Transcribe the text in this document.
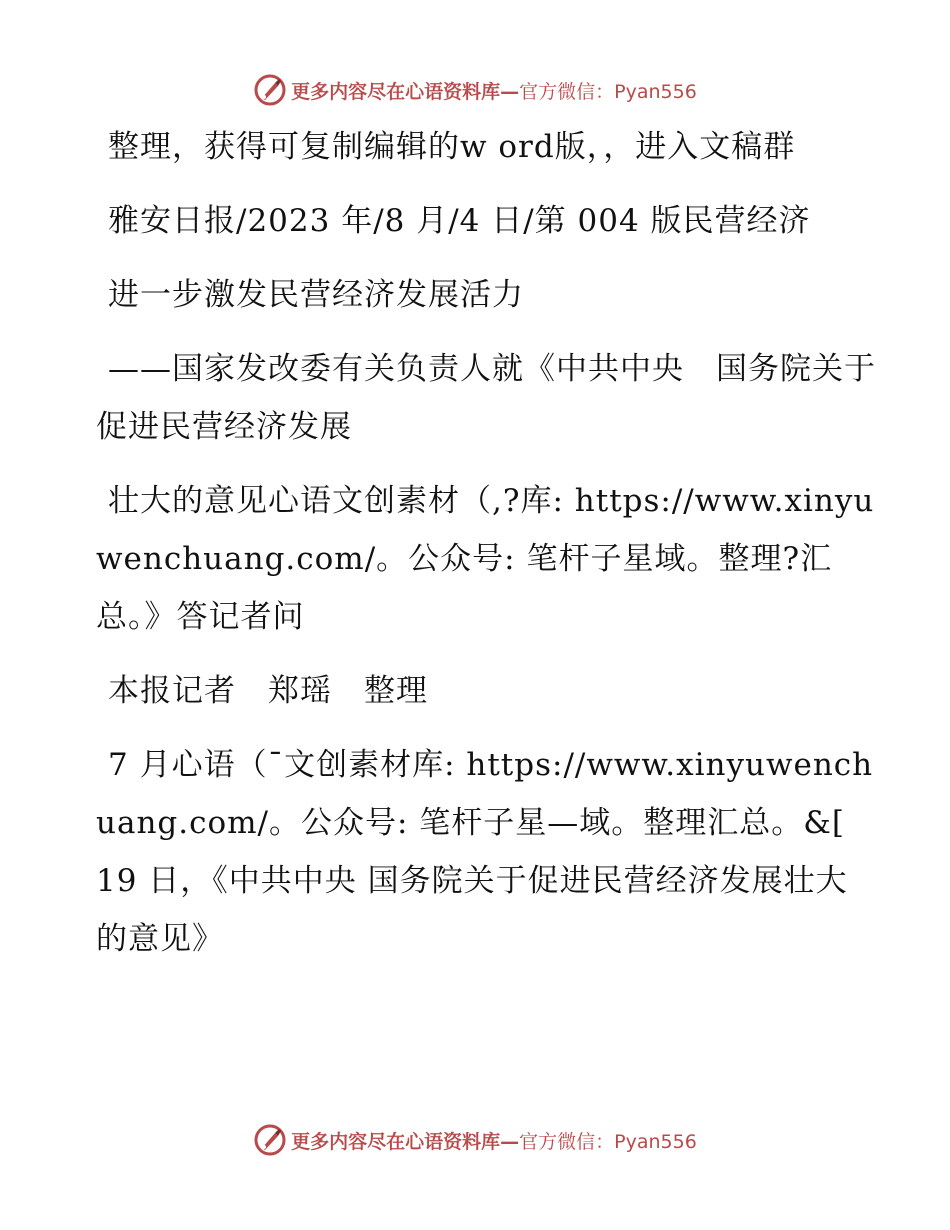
更多内容尽在心语资料库—官方微信：Pyan556

整理，获得可复制编辑的w ord版，，进入文稿群

雅安日报/2023 年/8 月/4 日/第 004 版民营经济

进一步激发民营经济发展活力

——国家发改委有关负责人就《中共中央　国务院关于促进民营经济发展

壮大的意见心语文创素材（,?库: https://www.xinyuwenchuang.com/。公众号: 笔杆子星域。整理?汇总。》答记者问

本报记者　郑瑶　整理

7 月心语（¯文创素材库: https://www.xinyuwenchuang.com/。公众号: 笔杆子星—域。整理汇总。&[ 19 日，《中共中央 国务院关于促进民营经济发展壮大的意见》

更多内容尽在心语资料库—官方微信：Pyan556
